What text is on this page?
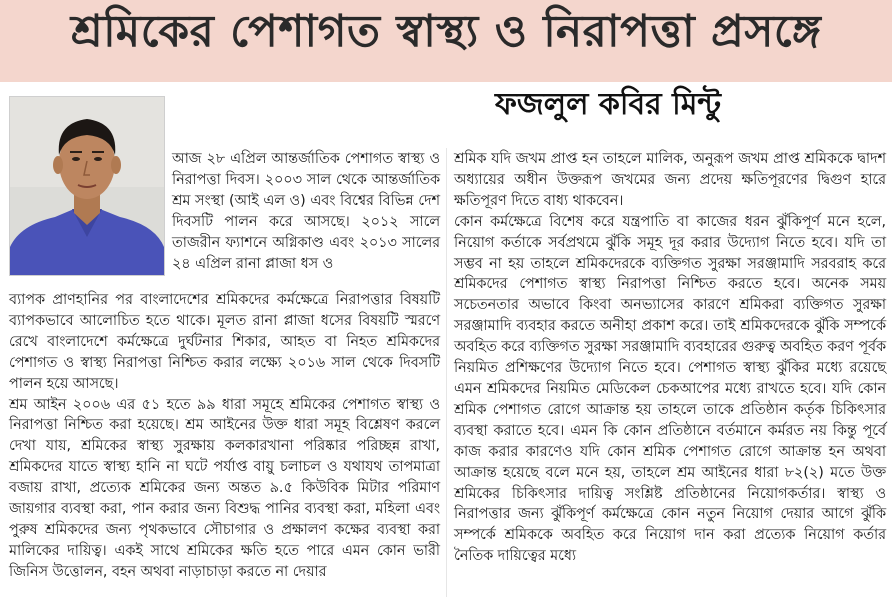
শ্রমিকের পেশাগত স্বাস্থ্য ও নিরাপত্তা প্রসঙ্গে
ফজলুল কবির মিন্টু

আজ ২৮ এপ্রিল আন্তর্জাতিক পেশাগত স্বাস্থ্য ও নিরাপত্তা দিবস। ২০০৩ সাল থেকে আন্তর্জাতিক শ্রম সংস্থা (আই এল ও) এবং বিশ্বের বিভিন্ন দেশ দিবসটি পালন করে আসছে। ২০১২ সালে তাজরীন ফ্যাশনে অগ্নিকাণ্ড এবং ২০১৩ সালের ২৪ এপ্রিল রানা প্লাজা ধস ও

ব্যাপক প্রাণহানির পর বাংলাদেশের শ্রমিকদের কর্মক্ষেত্রে নিরাপত্তার বিষয়টি ব্যাপকভাবে আলোচিত হতে থাকে। মূলত রানা প্লাজা ধসের বিষয়টি স্মরণে রেখে বাংলাদেশে কর্মক্ষেত্রে দুর্ঘটনার শিকার, আহত বা নিহত শ্রমিকদের পেশাগত ও স্বাস্থ্য নিরাপত্তা নিশ্চিত করার লক্ষ্যে ২০১৬ সাল থেকে দিবসটি পালন হয়ে আসছে।

শ্রম আইন ২০০৬ এর ৫১ হতে ৯৯ ধারা সমূহে শ্রমিকের পেশাগত স্বাস্থ্য ও নিরাপত্তা নিশ্চিত করা হয়েছে। শ্রম আইনের উক্ত ধারা সমূহ বিশ্লেষণ করলে দেখা যায়, শ্রমিকের স্বাস্থ্য সুরক্ষায় কলকারখানা পরিষ্কার পরিচ্ছন্ন রাখা, শ্রমিকদের যাতে স্বাস্থ্য হানি না ঘটে পর্যাপ্ত বায়ু চলাচল ও যথাযথ তাপমাত্রা বজায় রাখা, প্রত্যেক শ্রমিকের জন্য অন্তত ৯.৫ কিউবিক মিটার পরিমাণ জায়গার ব্যবস্থা করা, পান করার জন্য বিশুদ্ধ পানির ব্যবস্থা করা, মহিলা এবং পুরুষ শ্রমিকদের জন্য পৃথকভাবে সৌচাগার ও প্রক্ষালণ কক্ষের ব্যবস্থা করা মালিকের দায়িত্ব। একই সাথে শ্রমিকের ক্ষতি হতে পারে এমন কোন ভারী জিনিস উত্তোলন, বহন অথবা নাড়াচাড়া করতে না দেয়ার

শ্রমিক যদি জখম প্রাপ্ত হন তাহলে মালিক, অনুরূপ জখম প্রাপ্ত শ্রমিককে দ্বাদশ অধ্যায়ের অধীন উক্তরূপ জখমের জন্য প্রদেয় ক্ষতিপূরণের দ্বিগুণ হারে ক্ষতিপূরণ দিতে বাধ্য থাকবেন।

কোন কর্মক্ষেত্রে বিশেষ করে যন্ত্রপাতি বা কাজের ধরন ঝুঁকিপূর্ণ মনে হলে, নিয়োগ কর্তাকে সর্বপ্রথমে ঝুঁকি সমূহ দূর করার উদ্যোগ নিতে হবে। যদি তা সম্ভব না হয় তাহলে শ্রমিকদেরকে ব্যক্তিগত সুরক্ষা সরঞ্জামাদি সরবরাহ করে শ্রমিকদের পেশাগত স্বাস্থ্য নিরাপত্তা নিশ্চিত করতে হবে। অনেক সময় সচেতনতার অভাবে কিংবা অনভ্যাসের কারণে শ্রমিকরা ব্যক্তিগত সুরক্ষা সরঞ্জামাদি ব্যবহার করতে অনীহা প্রকাশ করে। তাই শ্রমিকদেরকে ঝুঁকি সম্পর্কে অবহিত করে ব্যক্তিগত সুরক্ষা সরঞ্জামাদি ব্যবহারের গুরুত্ব অবহিত করণ পূর্বক নিয়মিত প্রশিক্ষণের উদ্যোগ নিতে হবে। পেশাগত স্বাস্থ্য ঝুঁকির মধ্যে রয়েছে এমন শ্রমিকদের নিয়মিত মেডিকেল চেকআপের মধ্যে রাখতে হবে। যদি কোন শ্রমিক পেশাগত রোগে আক্রান্ত হয় তাহলে তাকে প্রতিষ্ঠান কর্তৃক চিকিৎসার ব্যবস্থা করাতে হবে। এমন কি কোন প্রতিষ্ঠানে বর্তমানে কর্মরত নয় কিন্তু পূর্বে কাজ করার কারণেও যদি কোন শ্রমিক পেশাগত রোগে আক্রান্ত হন অথবা আক্রান্ত হয়েছে বলে মনে হয়, তাহলে শ্রম আইনের ধারা ৮২(২) মতে উক্ত শ্রমিকের চিকিৎসার দায়িত্ব সংশ্লিষ্ট প্রতিষ্ঠানের নিয়োগকর্তার। স্বাস্থ্য ও নিরাপত্তার জন্য ঝুঁকিপূর্ণ কর্মক্ষেত্রে কোন নতুন নিয়োগ দেয়ার আগে ঝুঁকি সম্পর্কে শ্রমিককে অবহিত করে নিয়োগ দান করা প্রত্যেক নিয়োগ কর্তার নৈতিক দায়িত্বের মধ্যে
